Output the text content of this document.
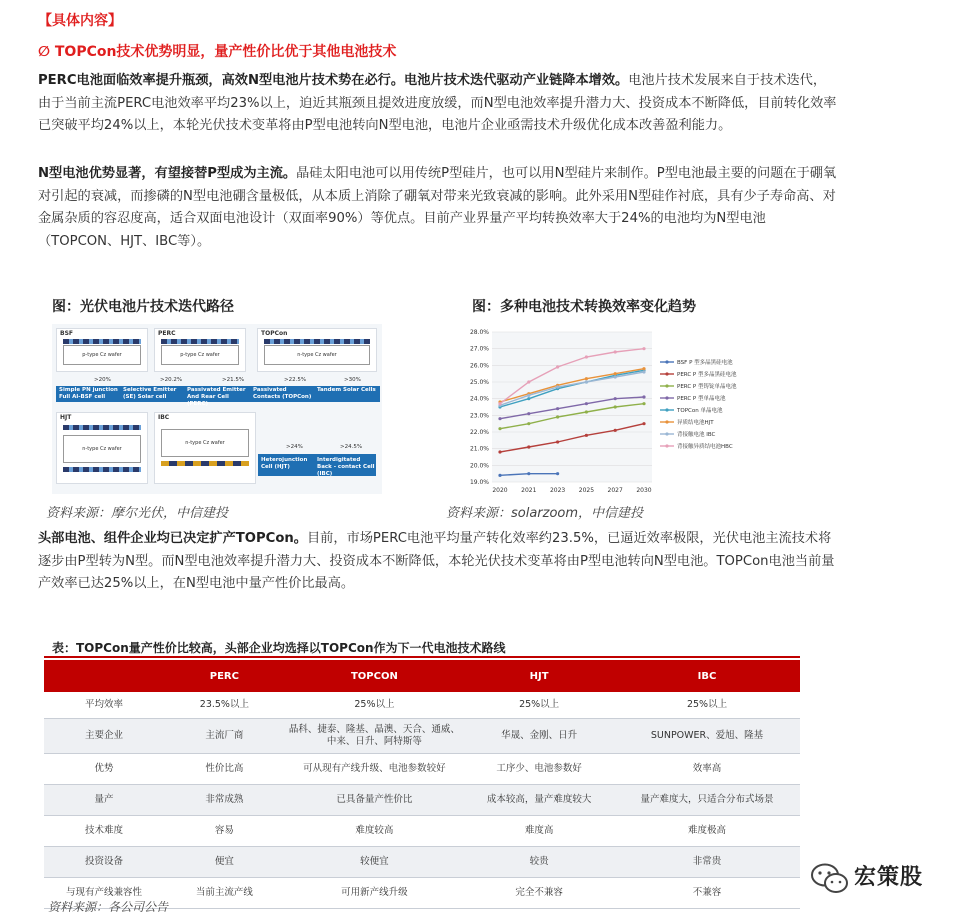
【具体内容】
∅ TOPCon技术优势明显，量产性价比优于其他电池技术
PERC电池面临效率提升瓶颈，高效N型电池片技术势在必行。电池片技术迭代驱动产业链降本增效。电池片技术发展来自于技术迭代，由于当前主流PERC电池效率平均23%以上，迫近其瓶颈且提效进度放缓，而N型电池效率提升潜力大、投资成本不断降低，目前转化效率已突破平均24%以上，本轮光伏技术变革将由P型电池转向N型电池，电池片企业亟需技术升级优化成本改善盈利能力。
N型电池优势显著，有望接替P型成为主流。晶硅太阳电池可以用传统P型硅片，也可以用N型硅片来制作。P型电池最主要的问题在于硼氧对引起的衰减，而掺磷的N型电池硼含量极低，从本质上消除了硼氧对带来光致衰减的影响。此外采用N型硅作衬底，具有少子寿命高、对金属杂质的容忍度高，适合双面电池设计（双面率90%）等优点。目前产业界量产平均转换效率大于24%的电池均为N型电池（TOPCON、HJT、IBC等）。
图：光伏电池片技术迭代路径
BSF
p-type Cz wafer
PERC
p-type Cz wafer
TOPCon
n-type Cz wafer
>20%	>20.2%	>21.5%	>22.5%	>30%
Simple PN junction Full Al-BSF cell
Selective Emitter (SE) Solar cell
Passivated Emitter And Rear Cell (PERC)
Passivated Contacts (TOPCon)
Tandem Solar Cells
HJT
n-type Cz wafer
IBC
n-type Cz wafer
>24%	>24.5%
Heterojunction Cell (HJT)
Interdigitated Back - contact Cell (IBC)
资料来源：摩尔光伏，中信建投
图：多种电池技术转换效率变化趋势
19.0%
20.0%
21.0%
22.0%
23.0%
24.0%
25.0%
26.0%
27.0%
28.0%
2020 2021 2023 2025 2027 2030
BSF P 型多晶黑硅电池
PERC P 型多晶黑硅电池
PERC P 型铸锭单晶电池
PERC P 型单晶电池
TOPCon 单晶电池
异质结电池HJT
背接触电池 IBC
背接触异质结电池HBC
资料来源：solarzoom，中信建投
头部电池、组件企业均已决定扩产TOPCon。目前，市场PERC电池平均量产转化效率约23.5%，已逼近效率极限，光伏电池主流技术将逐步由P型转为N型。而N型电池效率提升潜力大、投资成本不断降低，本轮光伏技术变革将由P型电池转向N型电池。TOPCon电池当前量产效率已达25%以上，在N型电池中量产性价比最高。
表：TOPCon量产性价比较高，头部企业均选择以TOPCon作为下一代电池技术路线
	PERC	TOPCON	HJT	IBC
平均效率	23.5%以上	25%以上	25%以上	25%以上
主要企业	主流厂商	晶科、捷泰、隆基、晶澳、天合、通威、中来、日升、阿特斯等	华晟、金刚、日升	SUNPOWER、爱旭、隆基
优势	性价比高	可从现有产线升级、电池参数较好	工序少、电池参数好	效率高
量产	非常成熟	已具备量产性价比	成本较高，量产难度较大	量产难度大，只适合分布式场景
技术难度	容易	难度较高	难度高	难度极高
投资设备	便宜	较便宜	较贵	非常贵
与现有产线兼容性	当前主流产线	可用新产线升级	完全不兼容	不兼容
资料来源：各公司公告
宏策股
